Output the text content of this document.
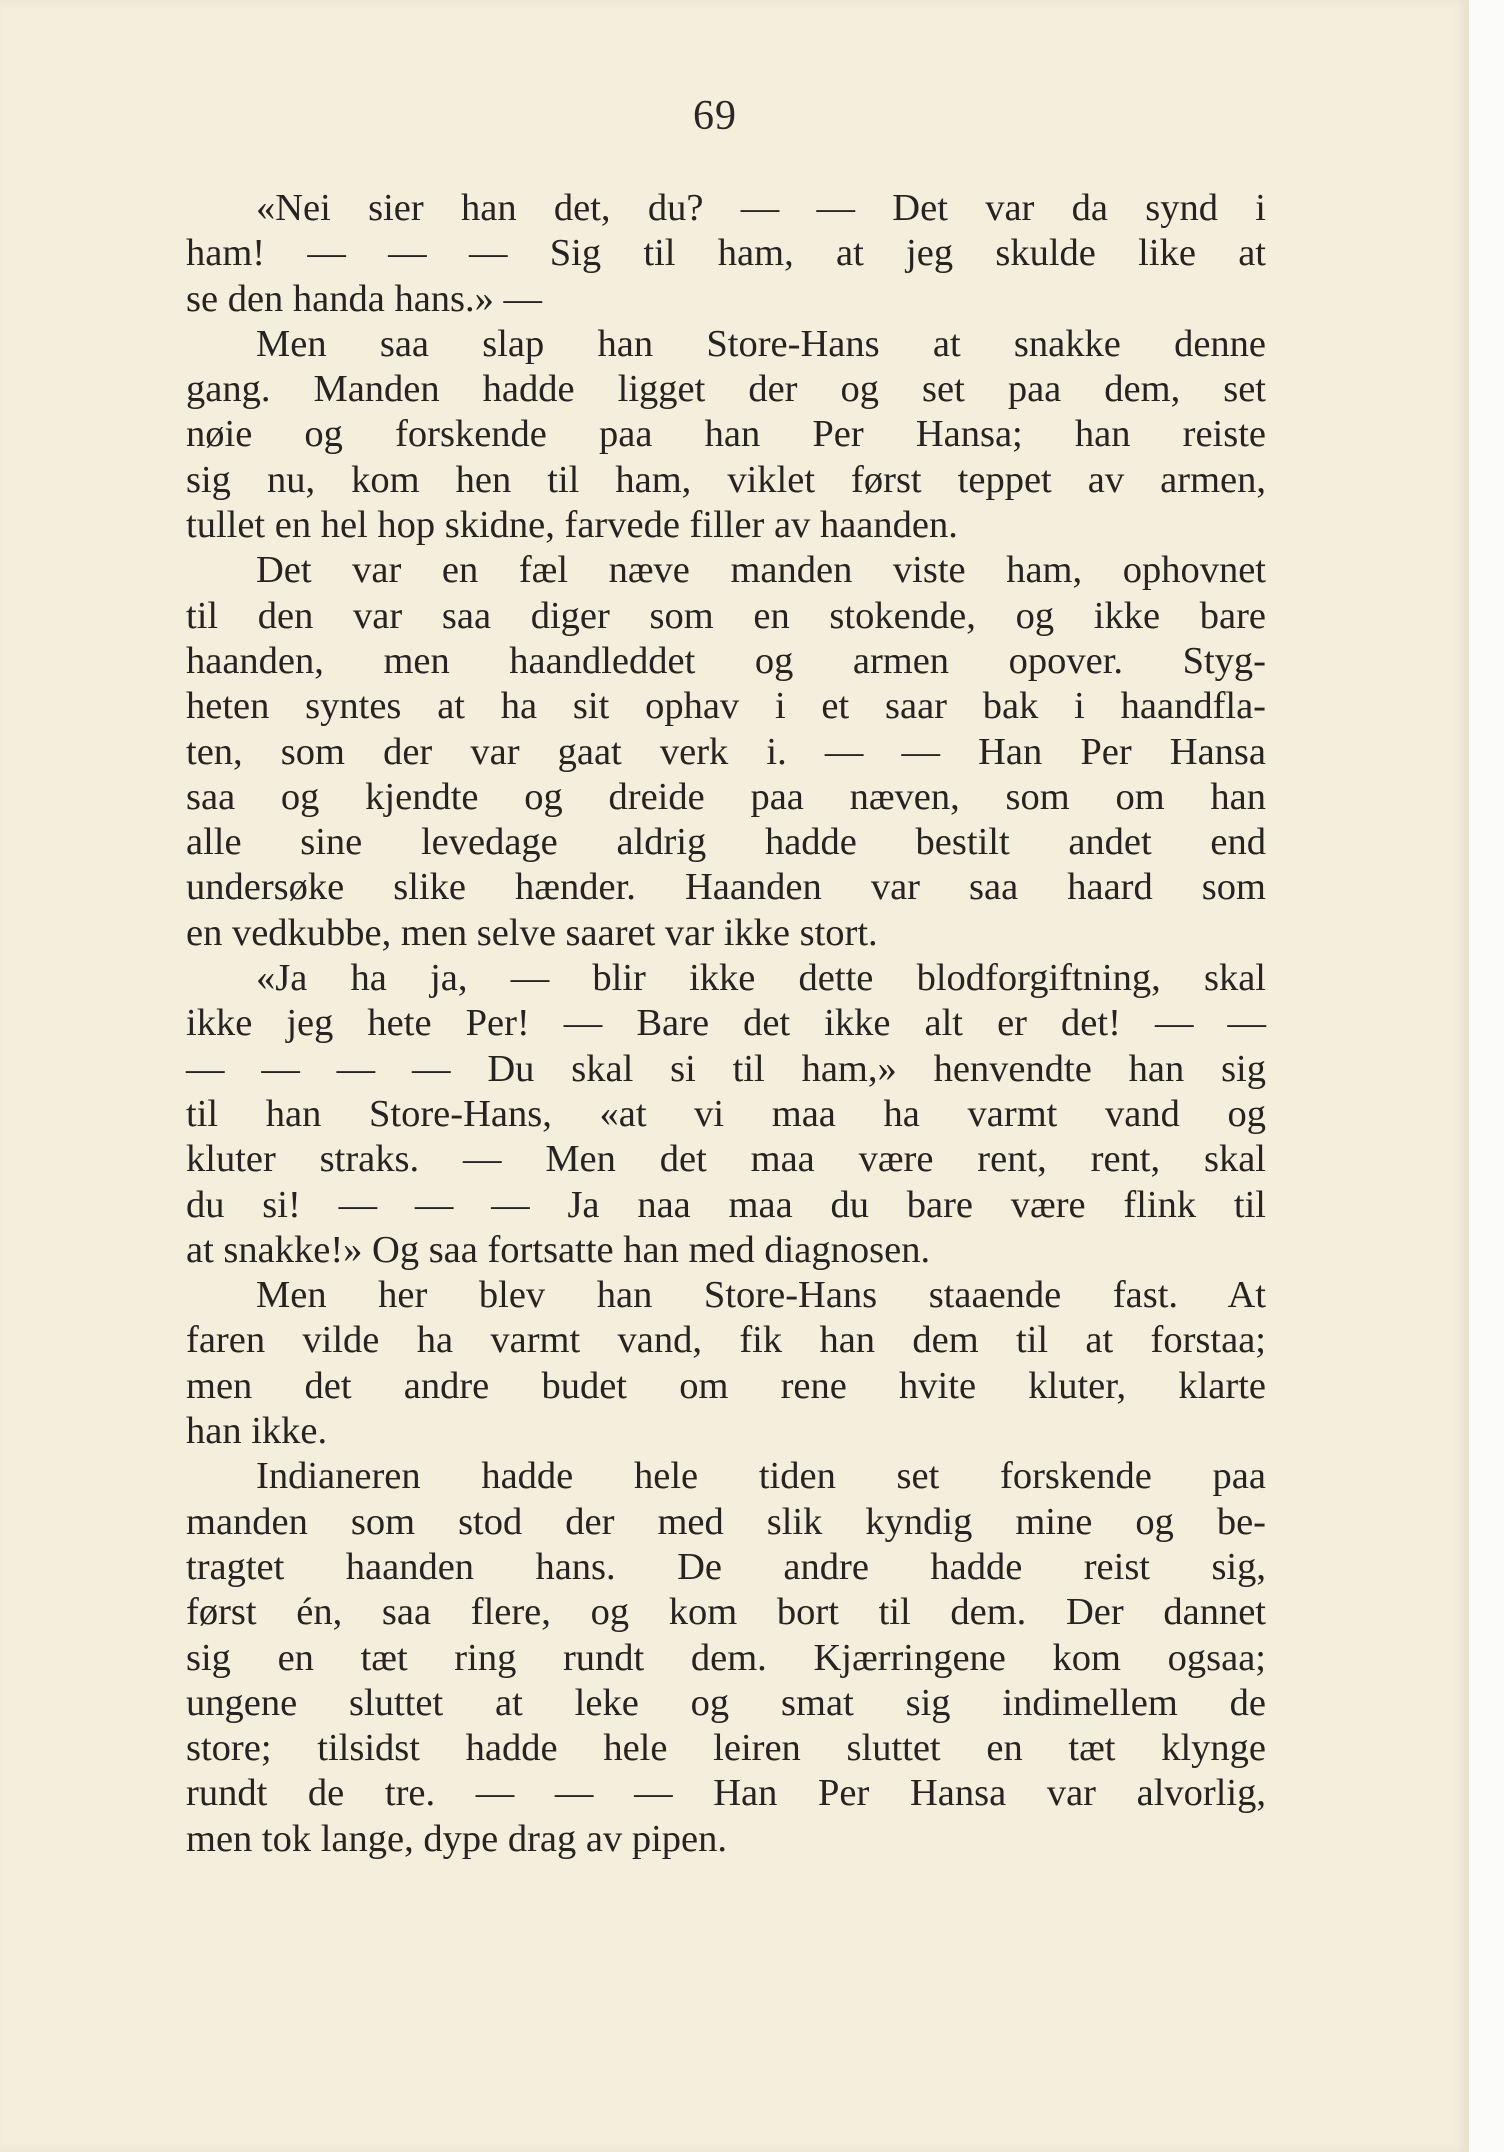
69
«Nei sier han det, du? — — Det var da synd i
ham! — — — Sig til ham, at jeg skulde like at
se den handa hans.» —
Men saa slap han Store-Hans at snakke denne
gang. Manden hadde ligget der og set paa dem, set
nøie og forskende paa han Per Hansa; han reiste
sig nu, kom hen til ham, viklet først teppet av armen,
tullet en hel hop skidne, farvede filler av haanden.
Det var en fæl næve manden viste ham, ophovnet
til den var saa diger som en stokende, og ikke bare
haanden, men haandleddet og armen opover. Styg-
heten syntes at ha sit ophav i et saar bak i haandfla-
ten, som der var gaat verk i. — — Han Per Hansa
saa og kjendte og dreide paa næven, som om han
alle sine levedage aldrig hadde bestilt andet end
undersøke slike hænder. Haanden var saa haard som
en vedkubbe, men selve saaret var ikke stort.
«Ja ha ja, — blir ikke dette blodforgiftning, skal
ikke jeg hete Per! — Bare det ikke alt er det! — —
— — — — Du skal si til ham,» henvendte han sig
til han Store-Hans, «at vi maa ha varmt vand og
kluter straks. — Men det maa være rent, rent, skal
du si! — — — Ja naa maa du bare være flink til
at snakke!» Og saa fortsatte han med diagnosen.
Men her blev han Store-Hans staaende fast. At
faren vilde ha varmt vand, fik han dem til at forstaa;
men det andre budet om rene hvite kluter, klarte
han ikke.
Indianeren hadde hele tiden set forskende paa
manden som stod der med slik kyndig mine og be-
tragtet haanden hans. De andre hadde reist sig,
først én, saa flere, og kom bort til dem. Der dannet
sig en tæt ring rundt dem. Kjærringene kom ogsaa;
ungene sluttet at leke og smat sig indimellem de
store; tilsidst hadde hele leiren sluttet en tæt klynge
rundt de tre. — — — Han Per Hansa var alvorlig,
men tok lange, dype drag av pipen.
